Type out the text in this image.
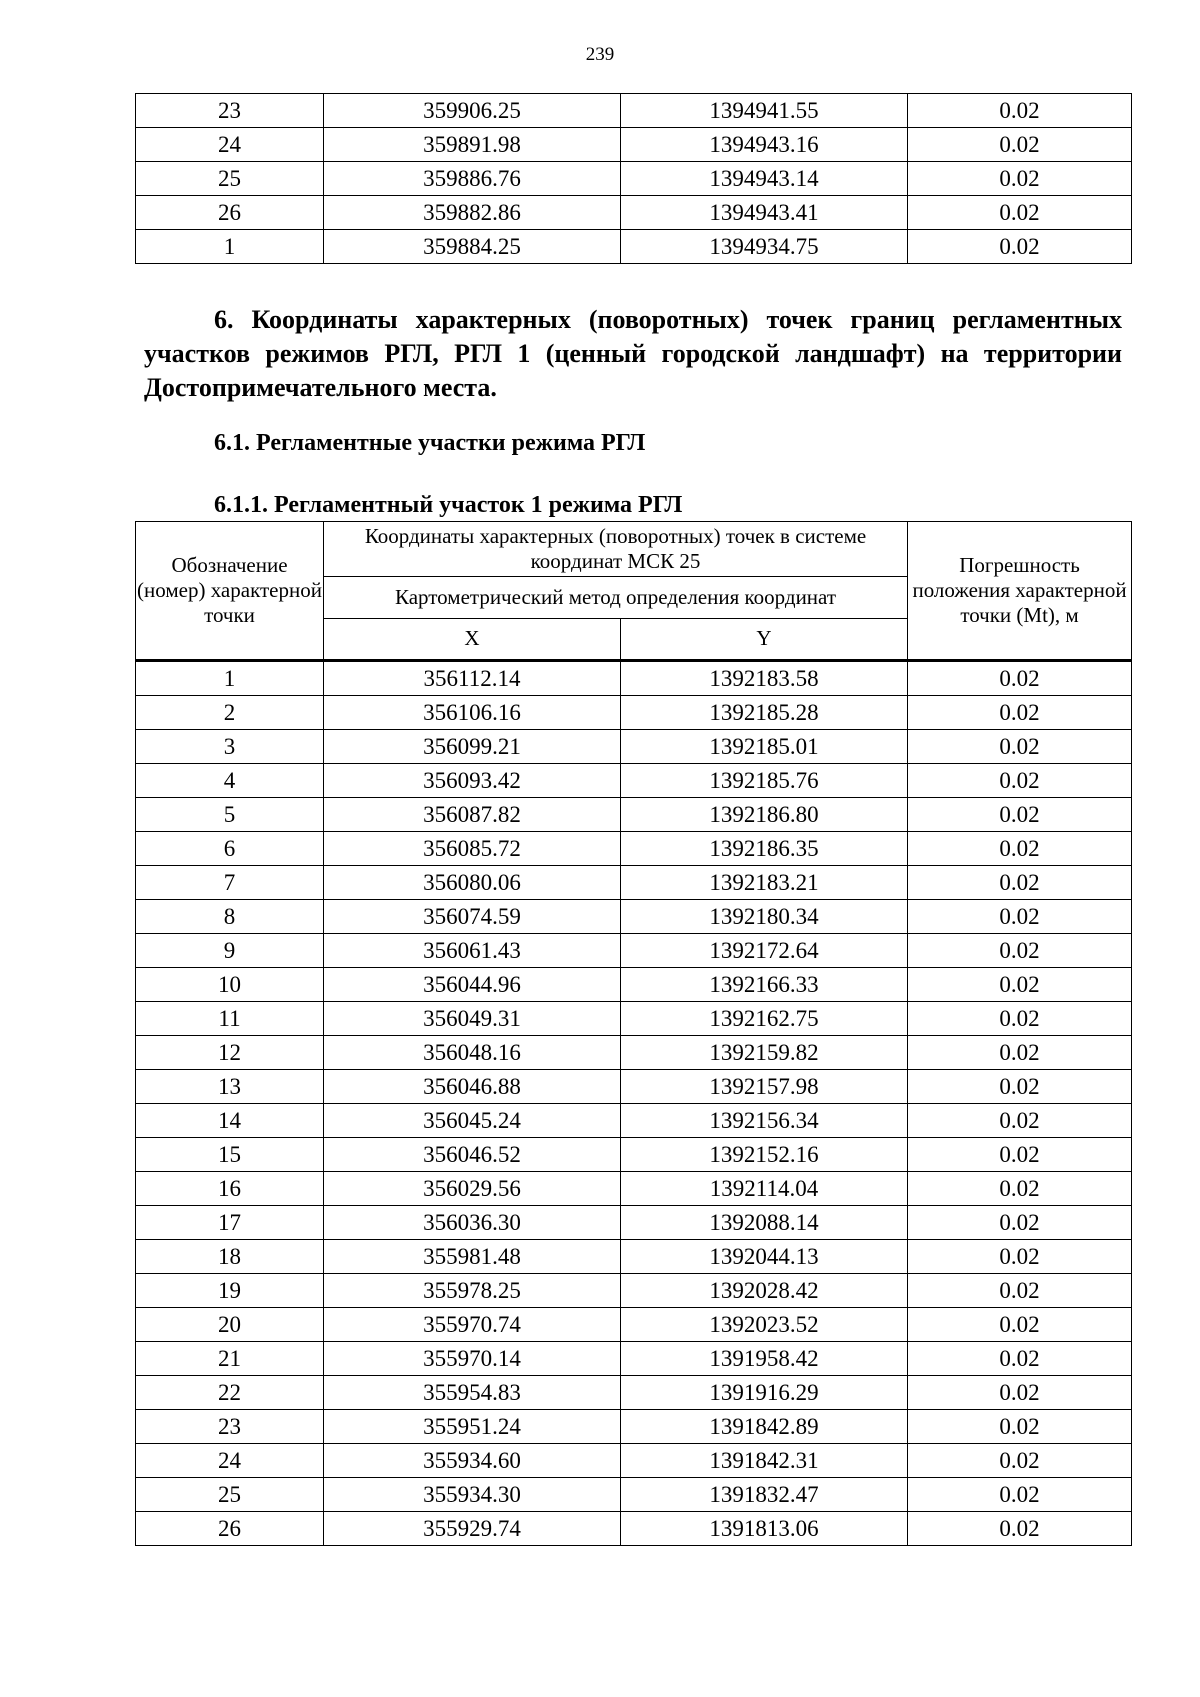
239
23	359906.25	1394941.55	0.02
24	359891.98	1394943.16	0.02
25	359886.76	1394943.14	0.02
26	359882.86	1394943.41	0.02
1	359884.25	1394934.75	0.02
6. Координаты характерных (поворотных) точек границ регламентных участков режимов РГЛ, РГЛ 1 (ценный городской ландшафт) на территории Достопримечательного места.
6.1. Регламентные участки режима РГЛ
6.1.1. Регламентный участок 1 режима РГЛ
Обозначение (номер) характерной точки	Координаты характерных (поворотных) точек в системе координат МСК 25		Погрешность положения характерной точки (Mt), м
	Картометрический метод определения координат		
	X	Y	
1	356112.14	1392183.58	0.02
2	356106.16	1392185.28	0.02
3	356099.21	1392185.01	0.02
4	356093.42	1392185.76	0.02
5	356087.82	1392186.80	0.02
6	356085.72	1392186.35	0.02
7	356080.06	1392183.21	0.02
8	356074.59	1392180.34	0.02
9	356061.43	1392172.64	0.02
10	356044.96	1392166.33	0.02
11	356049.31	1392162.75	0.02
12	356048.16	1392159.82	0.02
13	356046.88	1392157.98	0.02
14	356045.24	1392156.34	0.02
15	356046.52	1392152.16	0.02
16	356029.56	1392114.04	0.02
17	356036.30	1392088.14	0.02
18	355981.48	1392044.13	0.02
19	355978.25	1392028.42	0.02
20	355970.74	1392023.52	0.02
21	355970.14	1391958.42	0.02
22	355954.83	1391916.29	0.02
23	355951.24	1391842.89	0.02
24	355934.60	1391842.31	0.02
25	355934.30	1391832.47	0.02
26	355929.74	1391813.06	0.02
